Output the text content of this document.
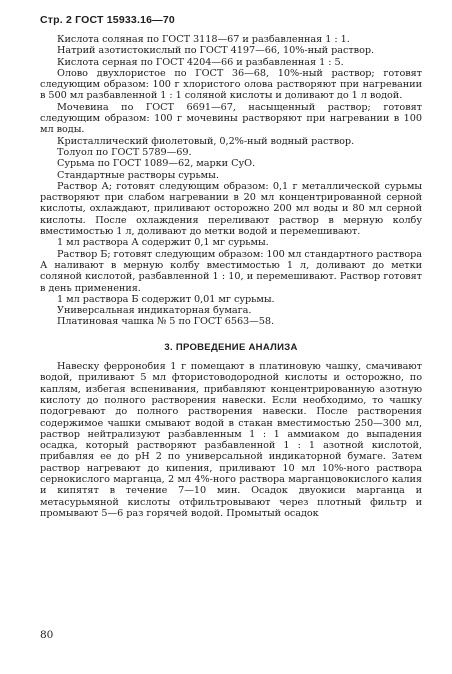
Стр. 2 ГОСТ 15933.16—70

Кислота соляная по ГОСТ 3118—67 и разбавленная 1 : 1.

Натрий азотистокислый по ГОСТ 4197—66, 10%-ный раствор.

Кислота серная по ГОСТ 4204—66 и разбавленная 1 : 5.

Олово двухлористое по ГОСТ 36—68, 10%-ный раствор; готовят следующим образом: 100 г хлористого олова растворяют при нагревании в 500 мл разбавленной 1 : 1 соляной кислоты и доливают до 1 л водой.

Мочевина по ГОСТ 6691—67, насыщенный раствор; готовят следующим образом: 100 г мочевины растворяют при нагревании в 100 мл воды.

Кристаллический фиолетовый, 0,2%-ный водный раствор.

Толуол по ГОСТ 5789—69.

Сурьма по ГОСТ 1089—62, марки СуО.

Стандартные растворы сурьмы.

Раствор А; готовят следующим образом: 0,1 г металлической сурьмы растворяют при слабом нагревании в 20 мл концентрированной серной кислоты, охлаждают, приливают осторожно 200 мл воды и 80 мл серной кислоты. После охлаждения переливают раствор в мерную колбу вместимостью 1 л, доливают до метки водой и перемешивают.

1 мл раствора А содержит 0,1 мг сурьмы.

Раствор Б; готовят следующим образом: 100 мл стандартного раствора А наливают в мерную колбу вместимостью 1 л, доливают до метки соляной кислотой, разбавленной 1 : 10, и перемешивают. Раствор готовят в день применения.

1 мл раствора Б содержит 0,01 мг сурьмы.

Универсальная индикаторная бумага.

Платиновая чашка № 5 по ГОСТ 6563—58.

3. ПРОВЕДЕНИЕ АНАЛИЗА

Навеску ферронобия 1 г помещают в платиновую чашку, смачивают водой, приливают 5 мл фтористоводородной кислоты и осторожно, по каплям, избегая вспенивания, прибавляют концентрированную азотную кислоту до полного растворения навески. Если необходимо, то чашку подогревают до полного растворения навески. После растворения содержимое чашки смывают водой в стакан вместимостью 250—300 мл, раствор нейтрализуют разбавленным 1 : 1 аммиаком до выпадения осадка, который растворяют разбавленной 1 : 1 азотной кислотой, прибавляя ее до pH 2 по универсальной индикаторной бумаге. Затем раствор нагревают до кипения, приливают 10 мл 10%-ного раствора сернокислого марганца, 2 мл 4%-ного раствора марганцовокислого калия и кипятят в течение 7—10 мин. Осадок двуокиси марганца и метасурьмяной кислоты отфильтровывают через плотный фильтр и промывают 5—6 раз горячей водой. Промытый осадок

80
